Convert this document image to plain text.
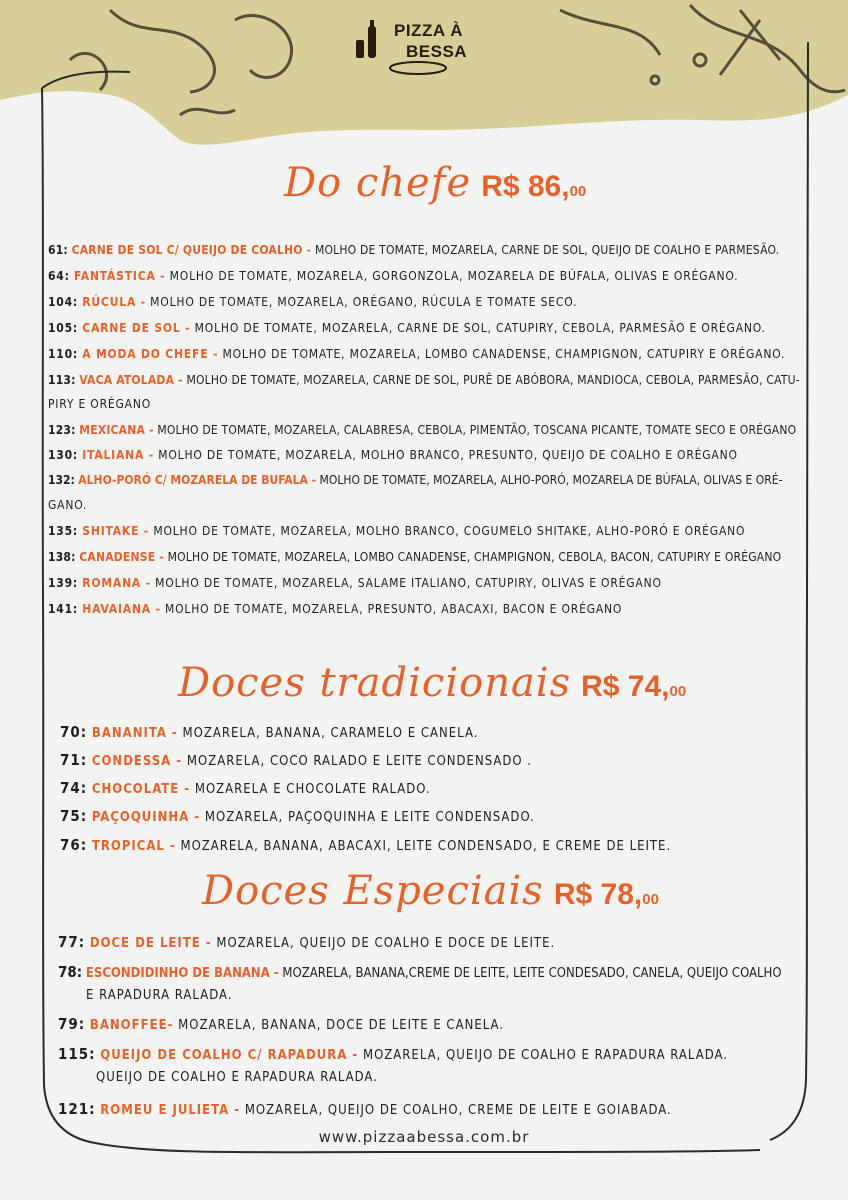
PIZZA À
BESSA
Do chefe R$ 86,00
61: CARNE DE SOL C/ QUEIJO DE COALHO - MOLHO DE TOMATE, MOZARELA, CARNE DE SOL, QUEIJO DE COALHO E PARMESÃO.
64: FANTÁSTICA - MOLHO DE TOMATE, MOZARELA, GORGONZOLA, MOZARELA DE BÚFALA, OLIVAS E ORÉGANO.
104: RÚCULA - MOLHO DE TOMATE, MOZARELA, ORÉGANO, RÚCULA E TOMATE SECO.
105: CARNE DE SOL - MOLHO DE TOMATE, MOZARELA, CARNE DE SOL, CATUPIRY, CEBOLA, PARMESÃO E ORÉGANO.
110: A MODA DO CHEFE - MOLHO DE TOMATE, MOZARELA, LOMBO CANADENSE, CHAMPIGNON, CATUPIRY E ORÉGANO.
113: VACA ATOLADA - MOLHO DE TOMATE, MOZARELA, CARNE DE SOL, PURÊ DE ABÓBORA, MANDIOCA, CEBOLA, PARMESÃO, CATU-
PIRY E ORÉGANO
123: MEXICANA - MOLHO DE TOMATE, MOZARELA, CALABRESA, CEBOLA, PIMENTÃO, TOSCANA PICANTE, TOMATE SECO E ORÉGANO
130: ITALIANA - MOLHO DE TOMATE, MOZARELA, MOLHO BRANCO, PRESUNTO, QUEIJO DE COALHO E ORÉGANO
132: ALHO-PORÓ C/ MOZARELA DE BUFALA - MOLHO DE TOMATE, MOZARELA, ALHO-PORÓ, MOZARELA DE BÚFALA, OLIVAS E ORÉ-
GANO.
135: SHITAKE - MOLHO DE TOMATE, MOZARELA, MOLHO BRANCO, COGUMELO SHITAKE, ALHO-PORÓ E ORÉGANO
138: CANADENSE - MOLHO DE TOMATE, MOZARELA, LOMBO CANADENSE, CHAMPIGNON, CEBOLA, BACON, CATUPIRY E ORÉGANO
139: ROMANA - MOLHO DE TOMATE, MOZARELA, SALAME ITALIANO, CATUPIRY, OLIVAS E ORÉGANO
141: HAVAIANA - MOLHO DE TOMATE, MOZARELA, PRESUNTO, ABACAXI, BACON E ORÉGANO
Doces tradicionais R$ 74,00
70: BANANITA - MOZARELA, BANANA, CARAMELO E CANELA.
71: CONDESSA - MOZARELA, COCO RALADO E LEITE CONDENSADO .
74: CHOCOLATE - MOZARELA E CHOCOLATE RALADO.
75: PAÇOQUINHA - MOZARELA, PAÇOQUINHA E LEITE CONDENSADO.
76: TROPICAL - MOZARELA, BANANA, ABACAXI, LEITE CONDENSADO, E CREME DE LEITE.
Doces Especiais R$ 78,00
77: DOCE DE LEITE - MOZARELA, QUEIJO DE COALHO E DOCE DE LEITE.
78: ESCONDIDINHO DE BANANA - MOZARELA, BANANA,CREME DE LEITE, LEITE CONDESADO, CANELA, QUEIJO COALHO
E RAPADURA RALADA.
79: BANOFFEE- MOZARELA, BANANA, DOCE DE LEITE E CANELA.
115: QUEIJO DE COALHO C/ RAPADURA - MOZARELA, QUEIJO DE COALHO E RAPADURA RALADA.
QUEIJO DE COALHO E RAPADURA RALADA.
121: ROMEU E JULIETA - MOZARELA, QUEIJO DE COALHO, CREME DE LEITE E GOIABADA.
www.pizzaabessa.com.br
